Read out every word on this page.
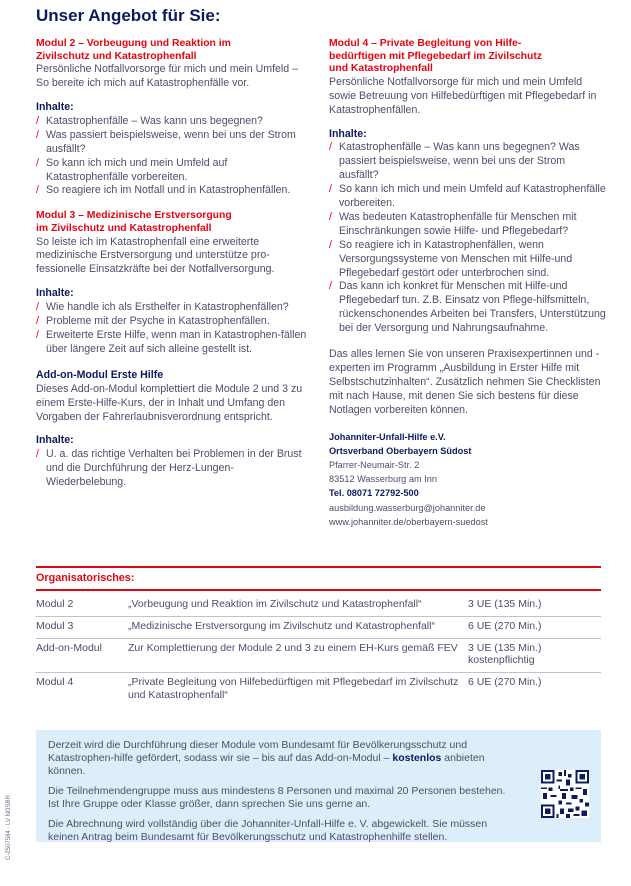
Unser Angebot für Sie:
Modul 2 – Vorbeugung und Reaktion im
Zivilschutz und Katastrophenfall
Persönliche Notfallvorsorge für mich und mein Umfeld – So bereite ich mich auf Katastrophenfälle vor.
Inhalte:
/ Katastrophenfälle – Was kann uns begegnen?
/ Was passiert beispielsweise, wenn bei uns der Strom ausfällt?
/ So kann ich mich und mein Umfeld auf Katastrophenfälle vorbereiten.
/ So reagiere ich im Notfall und in Katastrophenfällen.
Modul 3 – Medizinische Erstversorgung
im Zivilschutz und Katastrophenfall
So leiste ich im Katastrophenfall eine erweiterte medizinische Erstversorgung und unterstütze pro-fessionelle Einsatzkräfte bei der Notfallversorgung.
Inhalte:
/ Wie handle ich als Ersthelfer in Katastrophenfällen?
/ Probleme mit der Psyche in Katastrophenfällen.
/ Erweiterte Erste Hilfe, wenn man in Katastrophen-fällen über längere Zeit auf sich alleine gestellt ist.
Add-on-Modul Erste Hilfe
Dieses Add-on-Modul komplettiert die Module 2 und 3 zu einem Erste-Hilfe-Kurs, der in Inhalt und Umfang den Vorgaben der Fahrerlaubnisverordnung entspricht.
Inhalte:
/ U. a. das richtige Verhalten bei Problemen in der Brust und die Durchführung der Herz-Lungen-Wiederbelebung.
Modul 4 – Private Begleitung von Hilfe-
bedürftigen mit Pflegebedarf im Zivilschutz
und Katastrophenfall
Persönliche Notfallvorsorge für mich und mein Umfeld sowie Betreuung von Hilfebedürftigen mit Pflegebedarf in Katastrophenfällen.
Inhalte:
/ Katastrophenfälle – Was kann uns begegnen? Was passiert beispielsweise, wenn bei uns der Strom ausfällt?
/ So kann ich mich und mein Umfeld auf Katastrophenfälle vorbereiten.
/ Was bedeuten Katastrophenfälle für Menschen mit Einschränkungen sowie Hilfe- und Pflegebedarf?
/ So reagiere ich in Katastrophenfällen, wenn Versorgungssysteme von Menschen mit Hilfe-und Pflegebedarf gestört oder unterbrochen sind.
/ Das kann ich konkret für Menschen mit Hilfe-und Pflegebedarf tun. Z.B. Einsatz von Pflege-hilfsmitteln, rückenschonendes Arbeiten bei Transfers, Unterstützung bei der Versorgung und Nahrungsaufnahme.
Das alles lernen Sie von unseren Praxisexpertinnen und -experten im Programm „Ausbildung in Erster Hilfe mit Selbstschutzinhalten“. Zusätzlich nehmen Sie Checklisten mit nach Hause, mit denen Sie sich bestens für diese Notlagen vorbereiten können.
Johanniter-Unfall-Hilfe e.V.
Ortsverband Oberbayern Südost
Pfarrer-Neumair-Str. 2
83512 Wasserburg am Inn
Tel. 08071 72792-500
ausbildung.wasserburg@johanniter.de
www.johanniter.de/oberbayern-suedost
Organisatorisches:
Modul 2	„Vorbeugung und Reaktion im Zivilschutz und Katastrophenfall“	3 UE (135 Min.)

Modul 3	„Medizinische Erstversorgung im Zivilschutz und Katastrophenfall“	6 UE (270 Min.)

Add-on-Modul	Zur Komplettierung der Module 2 und 3 zu einem EH-Kurs gemäß FEV	3 UE (135 Min.)
kostenpflichtig

Modul 4	„Private Begleitung von Hilfebedürftigen mit Pflegebedarf im Zivilschutz und Katastrophenfall“	6 UE (270 Min.)

Derzeit wird die Durchführung dieser Module vom Bundesamt für Bevölkerungsschutz und Katastrophen-hilfe gefördert, sodass wir sie – bis auf das Add-on-Modul – kostenlos anbieten können.

Die Teilnehmendengruppe muss aus mindestens 8 Personen und maximal 20 Personen bestehen. Ist Ihre Gruppe oder Klasse größer, dann sprechen Sie uns gerne an.

Die Abrechnung wird vollständig über die Johanniter-Unfall-Hilfe e. V. abgewickelt. Sie müssen keinen Antrag beim Bundesamt für Bevölkerungsschutz und Katastrophenhilfe stellen.

C-2507584 · LV NOSBR
